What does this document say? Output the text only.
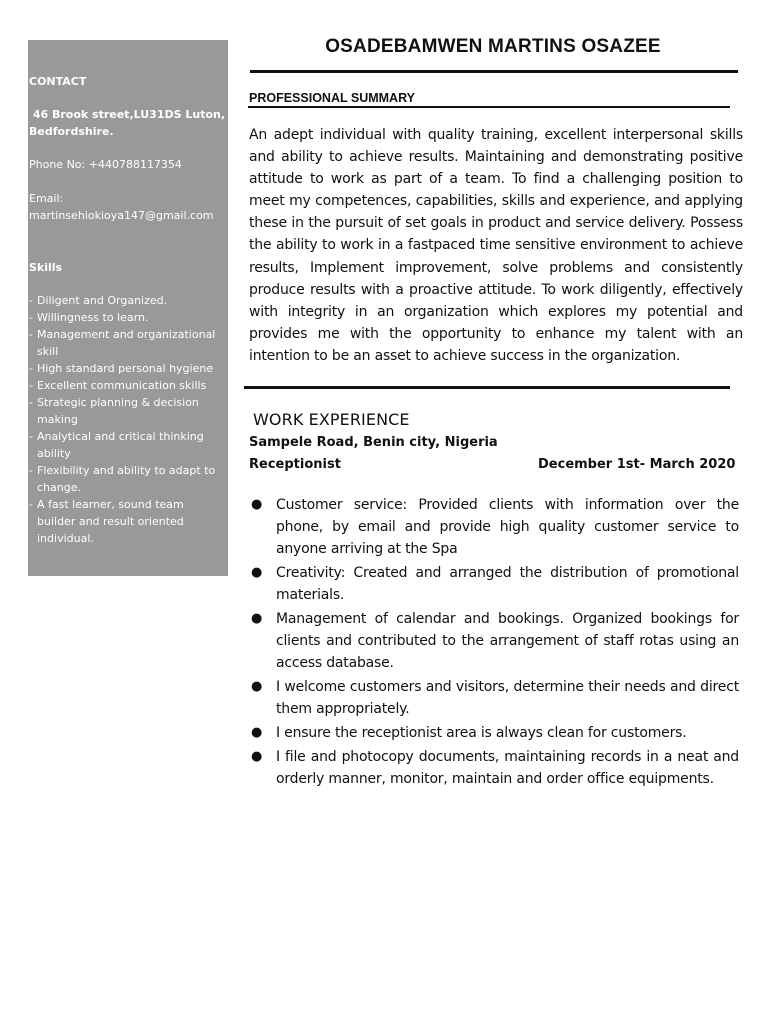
CONTACT

46 Brook street,LU31DS Luton,
Bedfordshire.

Phone No: +440788117354

Email:

martinsehiokioya147@gmail.com

Skills

- Diligent and Organized.
- Willingness to learn.
- Management and organizational skill
- High standard personal hygiene
- Excellent communication skills
- Strategic planning & decision making
- Analytical and critical thinking ability
- Flexibility and ability to adapt to change.
- A fast learner, sound team builder and result oriented individual.
OSADEBAMWEN MARTINS OSAZEE
PROFESSIONAL SUMMARY

An adept individual with quality training, excellent interpersonal skills and ability to achieve results. Maintaining and demonstrating positive attitude to work as part of a team. To find a challenging position to meet my competences, capabilities, skills and experience, and applying these in the pursuit of set goals in product and service delivery. Possess the ability to work in a fastpaced time sensitive environment to achieve results, Implement improvement, solve problems and consistently produce results with a proactive attitude. To work diligently, effectively with integrity in an organization which explores my potential and provides me with the opportunity to enhance my talent with an intention to be an asset to achieve success in the organization.

WORK EXPERIENCE

Sampele Road, Benin city, Nigeria

Receptionist	December 1st- March 2020

● Customer service: Provided clients with information over the phone, by email and provide high quality customer service to anyone arriving at the Spa
● Creativity: Created and arranged the distribution of promotional materials.
● Management of calendar and bookings. Organized bookings for clients and contributed to the arrangement of staff rotas using an access database.
● I welcome customers and visitors, determine their needs and direct them appropriately.
● I ensure the receptionist area is always clean for customers.
● I file and photocopy documents, maintaining records in a neat and orderly manner, monitor, maintain and order office equipments.
